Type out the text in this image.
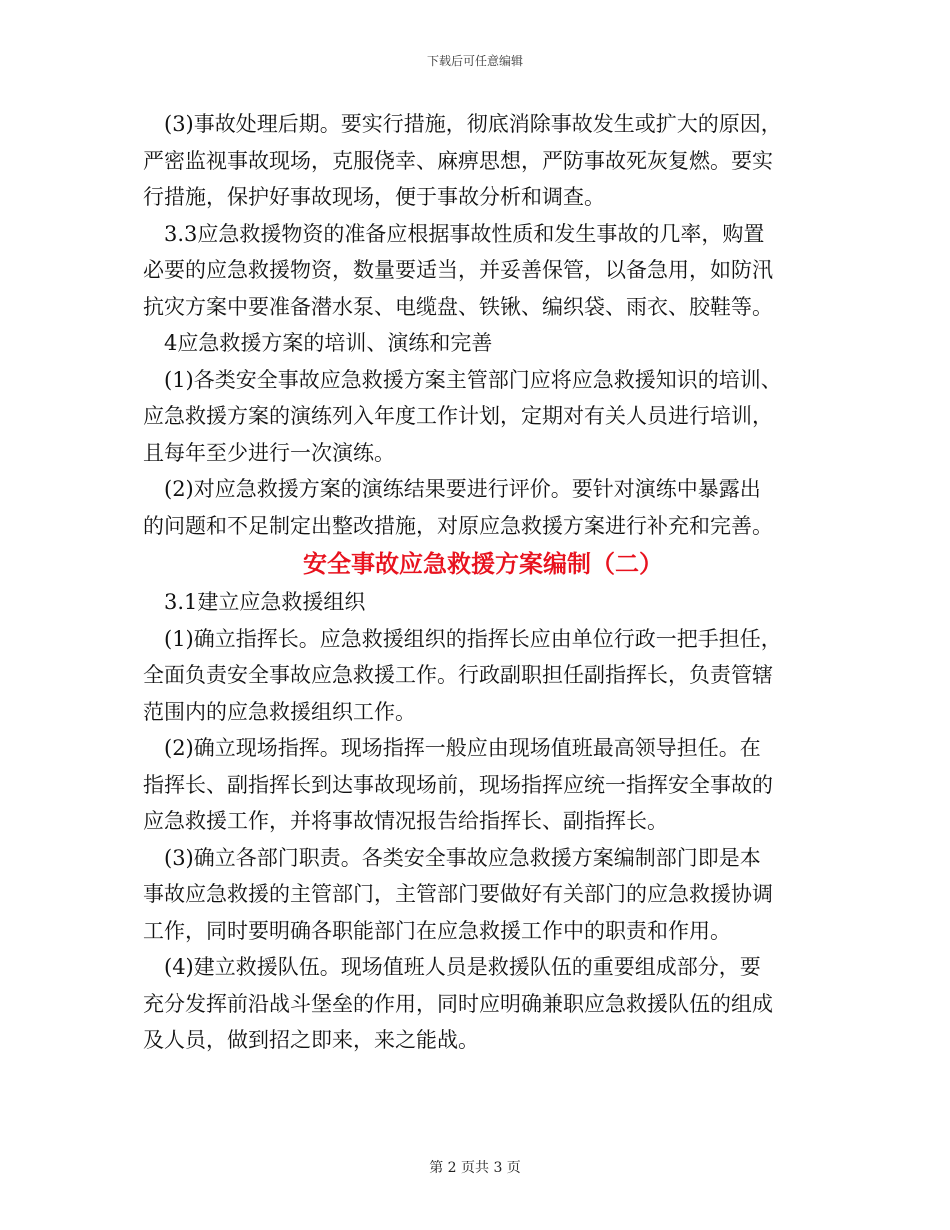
下载后可任意编辑

　(3)事故处理后期。要实行措施，彻底消除事故发生或扩大的原因，
严密监视事故现场，克服侥幸、麻痹思想，严防事故死灰复燃。要实
行措施，保护好事故现场，便于事故分析和调查。

　3.3应急救援物资的准备应根据事故性质和发生事故的几率，购置
必要的应急救援物资，数量要适当，并妥善保管，以备急用，如防汛
抗灾方案中要准备潜水泵、电缆盘、铁锹、编织袋、雨衣、胶鞋等。

　4应急救援方案的培训、演练和完善

　(1)各类安全事故应急救援方案主管部门应将应急救援知识的培训、
应急救援方案的演练列入年度工作计划，定期对有关人员进行培训，
且每年至少进行一次演练。

　(2)对应急救援方案的演练结果要进行评价。要针对演练中暴露出
的问题和不足制定出整改措施，对原应急救援方案进行补充和完善。

安全事故应急救援方案编制（二）

　3.1建立应急救援组织

　(1)确立指挥长。应急救援组织的指挥长应由单位行政一把手担任，
全面负责安全事故应急救援工作。行政副职担任副指挥长，负责管辖
范围内的应急救援组织工作。

　(2)确立现场指挥。现场指挥一般应由现场值班最高领导担任。在
指挥长、副指挥长到达事故现场前，现场指挥应统一指挥安全事故的
应急救援工作，并将事故情况报告给指挥长、副指挥长。

　(3)确立各部门职责。各类安全事故应急救援方案编制部门即是本
事故应急救援的主管部门，主管部门要做好有关部门的应急救援协调
工作，同时要明确各职能部门在应急救援工作中的职责和作用。

　(4)建立救援队伍。现场值班人员是救援队伍的重要组成部分，要
充分发挥前沿战斗堡垒的作用，同时应明确兼职应急救援队伍的组成
及人员，做到招之即来，来之能战。

第 2 页共 3 页
